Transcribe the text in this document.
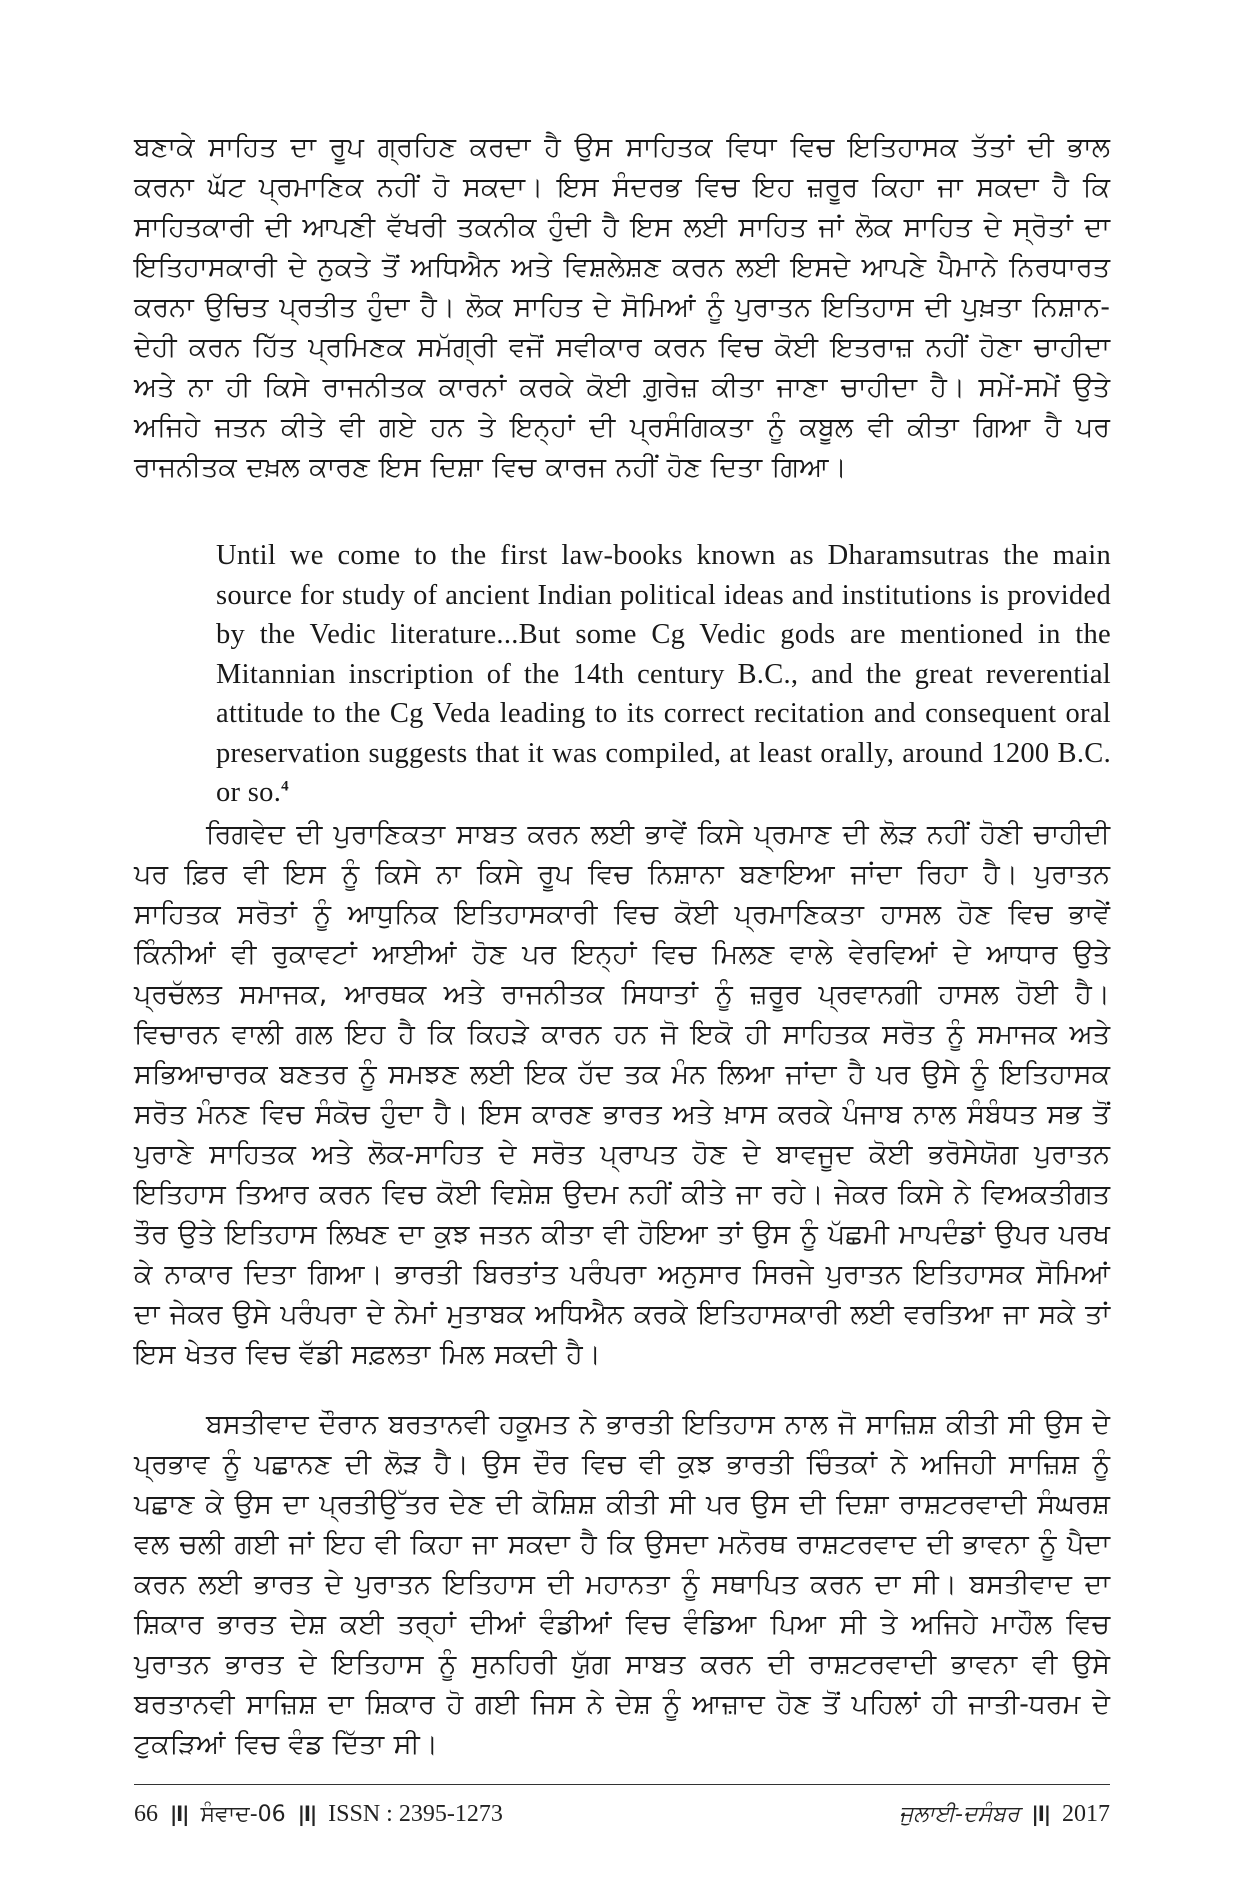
ਬਣਾਕੇ ਸਾਹਿਤ ਦਾ ਰੂਪ ਗ੍ਰਹਿਣ ਕਰਦਾ ਹੈ ਉਸ ਸਾਹਿਤਕ ਵਿਧਾ ਵਿਚ ਇਤਿਹਾਸਕ ਤੱਤਾਂ ਦੀ ਭਾਲ ਕਰਨਾ ਘੱਟ ਪ੍ਰਮਾਣਿਕ ਨਹੀਂ ਹੋ ਸਕਦਾ। ਇਸ ਸੰਦਰਭ ਵਿਚ ਇਹ ਜ਼ਰੂਰ ਕਿਹਾ ਜਾ ਸਕਦਾ ਹੈ ਕਿ ਸਾਹਿਤਕਾਰੀ ਦੀ ਆਪਣੀ ਵੱਖਰੀ ਤਕਨੀਕ ਹੁੰਦੀ ਹੈ ਇਸ ਲਈ ਸਾਹਿਤ ਜਾਂ ਲੋਕ ਸਾਹਿਤ ਦੇ ਸ੍ਰੋਤਾਂ ਦਾ ਇਤਿਹਾਸਕਾਰੀ ਦੇ ਨੁਕਤੇ ਤੋਂ ਅਧਿਐਨ ਅਤੇ ਵਿਸ਼ਲੇਸ਼ਣ ਕਰਨ ਲਈ ਇਸਦੇ ਆਪਣੇ ਪੈਮਾਨੇ ਨਿਰਧਾਰਤ ਕਰਨਾ ਉਚਿਤ ਪ੍ਰਤੀਤ ਹੁੰਦਾ ਹੈ। ਲੋਕ ਸਾਹਿਤ ਦੇ ਸੋਮਿਆਂ ਨੂੰ ਪੁਰਾਤਨ ਇਤਿਹਾਸ ਦੀ ਪੁਖ਼ਤਾ ਨਿਸ਼ਾਨ-ਦੇਹੀ ਕਰਨ ਹਿੱਤ ਪ੍ਰਮਿਣਕ ਸਮੱਗ੍ਰੀ ਵਜੋਂ ਸਵੀਕਾਰ ਕਰਨ ਵਿਚ ਕੋਈ ਇਤਰਾਜ਼ ਨਹੀਂ ਹੋਣਾ ਚਾਹੀਦਾ ਅਤੇ ਨਾ ਹੀ ਕਿਸੇ ਰਾਜਨੀਤਕ ਕਾਰਨਾਂ ਕਰਕੇ ਕੋਈ ਗ਼ੁਰੇਜ਼ ਕੀਤਾ ਜਾਣਾ ਚਾਹੀਦਾ ਹੈ। ਸਮੇਂ-ਸਮੇਂ ਉਤੇ ਅਜਿਹੇ ਜਤਨ ਕੀਤੇ ਵੀ ਗਏ ਹਨ ਤੇ ਇਨ੍ਹਾਂ ਦੀ ਪ੍ਰਸੰਗਿਕਤਾ ਨੂੰ ਕਬੂਲ ਵੀ ਕੀਤਾ ਗਿਆ ਹੈ ਪਰ ਰਾਜਨੀਤਕ ਦਖ਼ਲ ਕਾਰਣ ਇਸ ਦਿਸ਼ਾ ਵਿਚ ਕਾਰਜ ਨਹੀਂ ਹੋਣ ਦਿਤਾ ਗਿਆ।

Until we come to the first law-books known as Dharamsutras the main source for study of ancient Indian political ideas and institutions is provided by the Vedic literature...But some Cg Vedic gods are mentioned in the Mitannian inscription of the 14th century B.C., and the great reverential attitude to the Cg Veda leading to its correct recitation and consequent oral preservation suggests that it was compiled, at least orally, around 1200 B.C. or so.$^4$

ਰਿਗਵੇਦ ਦੀ ਪੁਰਾਣਿਕਤਾ ਸਾਬਤ ਕਰਨ ਲਈ ਭਾਵੇਂ ਕਿਸੇ ਪ੍ਰਮਾਣ ਦੀ ਲੋੜ ਨਹੀਂ ਹੋਣੀ ਚਾਹੀਦੀ ਪਰ ਫ਼ਿਰ ਵੀ ਇਸ ਨੂੰ ਕਿਸੇ ਨਾ ਕਿਸੇ ਰੂਪ ਵਿਚ ਨਿਸ਼ਾਨਾ ਬਣਾਇਆ ਜਾਂਦਾ ਰਿਹਾ ਹੈ। ਪੁਰਾਤਨ ਸਾਹਿਤਕ ਸਰੋਤਾਂ ਨੂੰ ਆਧੁਨਿਕ ਇਤਿਹਾਸਕਾਰੀ ਵਿਚ ਕੋਈ ਪ੍ਰਮਾਣਿਕਤਾ ਹਾਸਲ ਹੋਣ ਵਿਚ ਭਾਵੇਂ ਕਿੰਨੀਆਂ ਵੀ ਰੁਕਾਵਟਾਂ ਆਈਆਂ ਹੋਣ ਪਰ ਇਨ੍ਹਾਂ ਵਿਚ ਮਿਲਣ ਵਾਲੇ ਵੇਰਵਿਆਂ ਦੇ ਆਧਾਰ ਉਤੇ ਪ੍ਰਚੱਲਤ ਸਮਾਜਕ, ਆਰਥਕ ਅਤੇ ਰਾਜਨੀਤਕ ਸਿਧਾਤਾਂ ਨੂੰ ਜ਼ਰੂਰ ਪ੍ਰਵਾਨਗੀ ਹਾਸਲ ਹੋਈ ਹੈ। ਵਿਚਾਰਨ ਵਾਲੀ ਗਲ ਇਹ ਹੈ ਕਿ ਕਿਹੜੇ ਕਾਰਨ ਹਨ ਜੋ ਇਕੋ ਹੀ ਸਾਹਿਤਕ ਸਰੋਤ ਨੂੰ ਸਮਾਜਕ ਅਤੇ ਸਭਿਆਚਾਰਕ ਬਣਤਰ ਨੂੰ ਸਮਝਣ ਲਈ ਇਕ ਹੱਦ ਤਕ ਮੰਨ ਲਿਆ ਜਾਂਦਾ ਹੈ ਪਰ ਉਸੇ ਨੂੰ ਇਤਿਹਾਸਕ ਸਰੋਤ ਮੰਨਣ ਵਿਚ ਸੰਕੋਚ ਹੁੰਦਾ ਹੈ। ਇਸ ਕਾਰਣ ਭਾਰਤ ਅਤੇ ਖ਼ਾਸ ਕਰਕੇ ਪੰਜਾਬ ਨਾਲ ਸੰਬੰਧਤ ਸਭ ਤੋਂ ਪੁਰਾਣੇ ਸਾਹਿਤਕ ਅਤੇ ਲੋਕ-ਸਾਹਿਤ ਦੇ ਸਰੋਤ ਪ੍ਰਾਪਤ ਹੋਣ ਦੇ ਬਾਵਜੂਦ ਕੋਈ ਭਰੋਸੇਯੋਗ ਪੁਰਾਤਨ ਇਤਿਹਾਸ ਤਿਆਰ ਕਰਨ ਵਿਚ ਕੋਈ ਵਿਸ਼ੇਸ਼ ਉਦਮ ਨਹੀਂ ਕੀਤੇ ਜਾ ਰਹੇ। ਜੇਕਰ ਕਿਸੇ ਨੇ ਵਿਅਕਤੀਗਤ ਤੌਰ ਉਤੇ ਇਤਿਹਾਸ ਲਿਖਣ ਦਾ ਕੁਝ ਜਤਨ ਕੀਤਾ ਵੀ ਹੋਇਆ ਤਾਂ ਉਸ ਨੂੰ ਪੱਛਮੀ ਮਾਪਦੰਡਾਂ ਉਪਰ ਪਰਖ ਕੇ ਨਾਕਾਰ ਦਿਤਾ ਗਿਆ। ਭਾਰਤੀ ਬਿਰਤਾਂਤ ਪਰੰਪਰਾ ਅਨੁਸਾਰ ਸਿਰਜੇ ਪੁਰਾਤਨ ਇਤਿਹਾਸਕ ਸੋਮਿਆਂ ਦਾ ਜੇਕਰ ਉਸੇ ਪਰੰਪਰਾ ਦੇ ਨੇਮਾਂ ਮੁਤਾਬਕ ਅਧਿਐਨ ਕਰਕੇ ਇਤਿਹਾਸਕਾਰੀ ਲਈ ਵਰਤਿਆ ਜਾ ਸਕੇ ਤਾਂ ਇਸ ਖੇਤਰ ਵਿਚ ਵੱਡੀ ਸਫ਼ਲਤਾ ਮਿਲ ਸਕਦੀ ਹੈ।

ਬਸਤੀਵਾਦ ਦੌਰਾਨ ਬਰਤਾਨਵੀ ਹਕੂਮਤ ਨੇ ਭਾਰਤੀ ਇਤਿਹਾਸ ਨਾਲ ਜੋ ਸਾਜ਼ਿਸ਼ ਕੀਤੀ ਸੀ ਉਸ ਦੇ ਪ੍ਰਭਾਵ ਨੂੰ ਪਛਾਨਣ ਦੀ ਲੋੜ ਹੈ। ਉਸ ਦੌਰ ਵਿਚ ਵੀ ਕੁਝ ਭਾਰਤੀ ਚਿੰਤਕਾਂ ਨੇ ਅਜਿਹੀ ਸਾਜ਼ਿਸ਼ ਨੂੰ ਪਛਾਣ ਕੇ ਉਸ ਦਾ ਪ੍ਰਤੀਉੱਤਰ ਦੇਣ ਦੀ ਕੋਸ਼ਿਸ਼ ਕੀਤੀ ਸੀ ਪਰ ਉਸ ਦੀ ਦਿਸ਼ਾ ਰਾਸ਼ਟਰਵਾਦੀ ਸੰਘਰਸ਼ ਵਲ ਚਲੀ ਗਈ ਜਾਂ ਇਹ ਵੀ ਕਿਹਾ ਜਾ ਸਕਦਾ ਹੈ ਕਿ ਉਸਦਾ ਮਨੋਰਥ ਰਾਸ਼ਟਰਵਾਦ ਦੀ ਭਾਵਨਾ ਨੂੰ ਪੈਦਾ ਕਰਨ ਲਈ ਭਾਰਤ ਦੇ ਪੁਰਾਤਨ ਇਤਿਹਾਸ ਦੀ ਮਹਾਨਤਾ ਨੂੰ ਸਥਾਪਿਤ ਕਰਨ ਦਾ ਸੀ। ਬਸਤੀਵਾਦ ਦਾ ਸ਼ਿਕਾਰ ਭਾਰਤ ਦੇਸ਼ ਕਈ ਤਰ੍ਹਾਂ ਦੀਆਂ ਵੰਡੀਆਂ ਵਿਚ ਵੰਡਿਆ ਪਿਆ ਸੀ ਤੇ ਅਜਿਹੇ ਮਾਹੌਲ ਵਿਚ ਪੁਰਾਤਨ ਭਾਰਤ ਦੇ ਇਤਿਹਾਸ ਨੂੰ ਸੁਨਹਿਰੀ ਯੁੱਗ ਸਾਬਤ ਕਰਨ ਦੀ ਰਾਸ਼ਟਰਵਾਦੀ ਭਾਵਨਾ ਵੀ ਉਸੇ ਬਰਤਾਨਵੀ ਸਾਜ਼ਿਸ਼ ਦਾ ਸ਼ਿਕਾਰ ਹੋ ਗਈ ਜਿਸ ਨੇ ਦੇਸ਼ ਨੂੰ ਆਜ਼ਾਦ ਹੋਣ ਤੋਂ ਪਹਿਲਾਂ ਹੀ ਜਾਤੀ-ਧਰਮ ਦੇ ਟੁਕੜਿਆਂ ਵਿਚ ਵੰਡ ਦਿੱਤਾ ਸੀ।

66 |l| ਸੰਵਾਦ-06 |l| ISSN : 2395-1273	ਜੁਲਾਈ-ਦਸੰਬਰ |l| 2017
